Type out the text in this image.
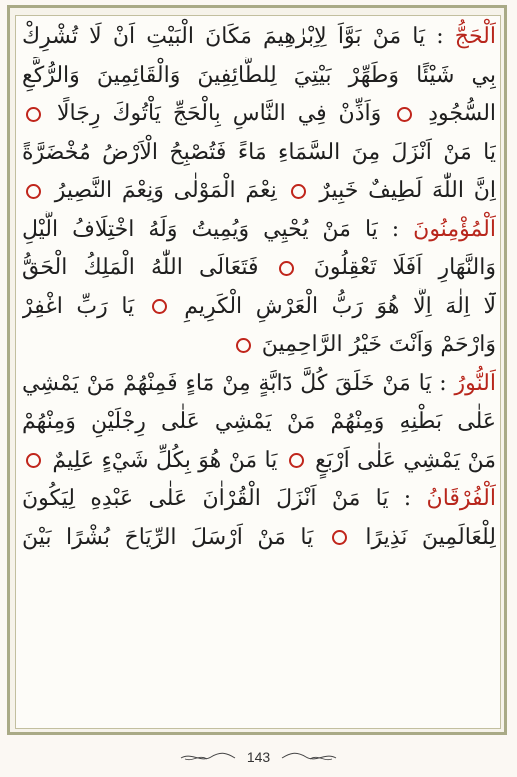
اَلْحَجُّ : يَا مَنْ بَوَّاَ لِاِبْرٰهِيمَ مَكَانَ الْبَيْتِ اَنْ لَا تُشْرِكْ
بِي شَيْئًا وَطَهِّرْ بَيْتِيَ لِلطَّائِفِينَ وَالْقَائِمِينَ وَالرُّكَّعِ
السُّجُودِ  وَاَذِّنْ فِي النَّاسِ بِالْحَجِّ يَاْتُوكَ رِجَالًا
يَا مَنْ اَنْزَلَ مِنَ السَّمَاءِ مَاءً فَتُصْبِحُ الْاَرْضُ مُخْضَرَّةً
اِنَّ اللّٰهَ لَطِيفٌ خَبِيرٌ  نِعْمَ الْمَوْلٰى وَنِعْمَ النَّصِيرُ
اَلْمُؤْمِنُونَ : يَا مَنْ يُحْيِي وَيُمِيتُ وَلَهُ اخْتِلَافُ الَّيْلِ
وَالنَّهَارِ اَفَلَا تَعْقِلُونَ  فَتَعَالَى اللّٰهُ الْمَلِكُ الْحَقُّ
لَٓا اِلٰهَ اِلَّا هُوَ رَبُّ الْعَرْشِ الْكَرِيمِ  يَا رَبِّ اغْفِرْ
وَارْحَمْ وَاَنْتَ خَيْرُ الرَّاحِمِينَ
اَلنُّورُ : يَا مَنْ خَلَقَ كُلَّ دَٓابَّةٍ مِنْ مَٓاءٍ فَمِنْهُمْ مَنْ يَمْشِي
عَلٰى بَطْنِهِ وَمِنْهُمْ مَنْ يَمْشِي عَلٰى رِجْلَيْنِ وَمِنْهُمْ
مَنْ يَمْشِي عَلٰى اَرْبَعٍ  يَا مَنْ هُوَ بِكُلِّ شَيْءٍ عَلِيمٌ
اَلْفُرْقَانُ : يَا مَنْ اَنْزَلَ الْقُرْاٰنَ عَلٰى عَبْدِهِ لِيَكُونَ
لِلْعَالَمِينَ نَذِيرًا  يَا مَنْ اَرْسَلَ الرِّيَاحَ بُشْرًا بَيْنَ
143
